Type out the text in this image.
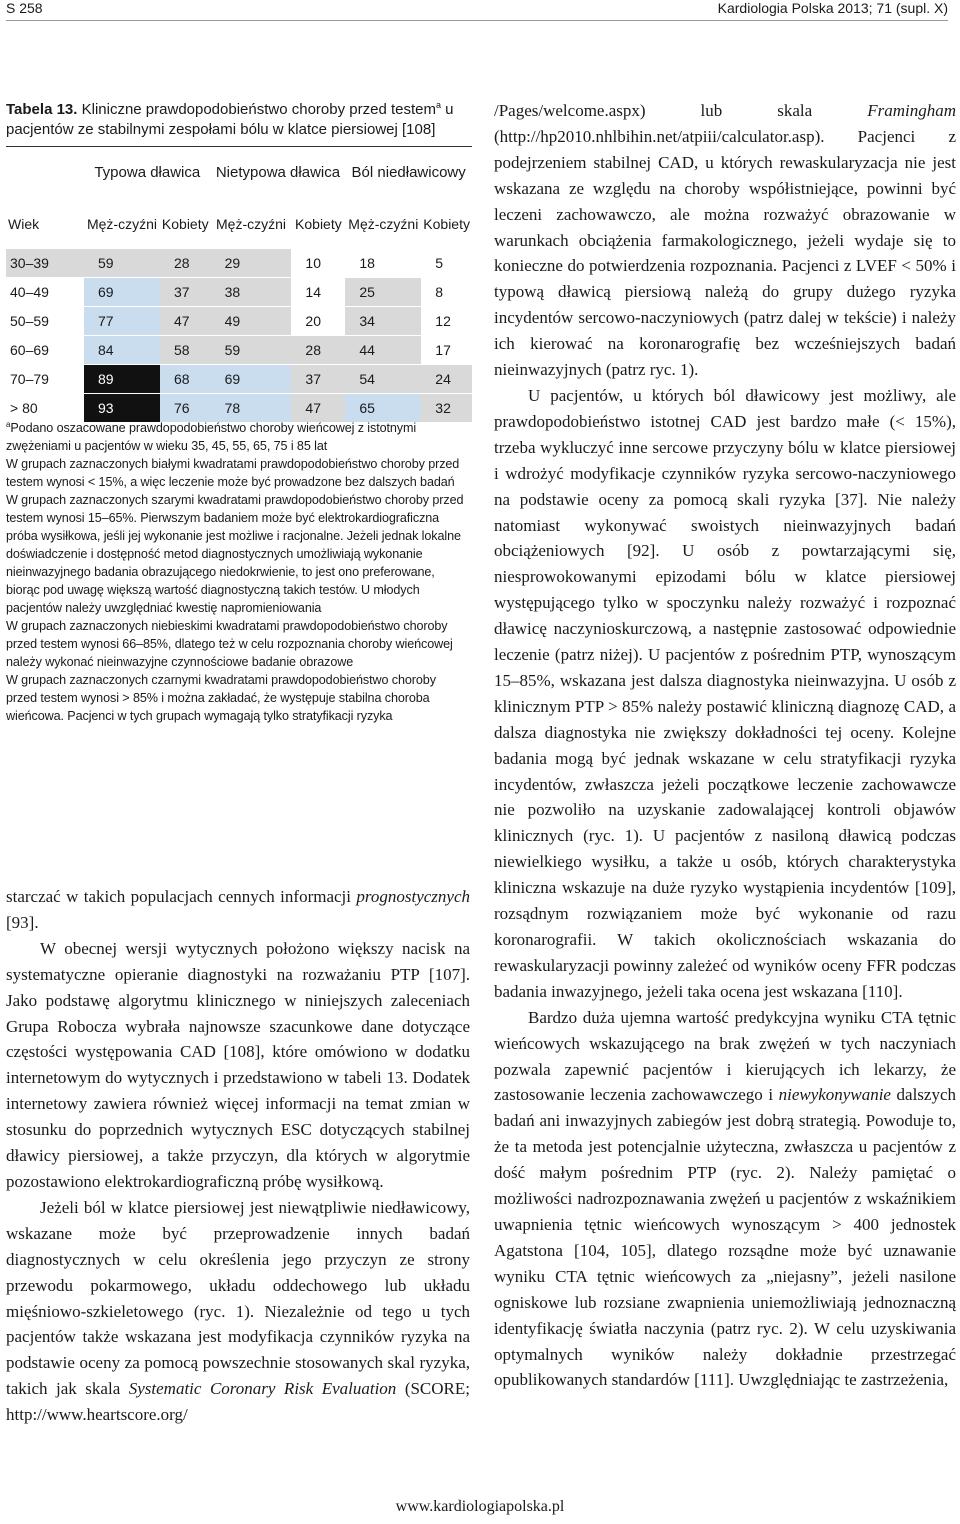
S 258	Kardiologia Polska 2013; 71 (supl. X)
Tabela 13. Kliniczne prawdopodobieństwo choroby przed testem$^a$ u pacjentów ze stabilnymi zespołami bólu w klatce piersiowej [108]
	Typowa dławica		Nietypowa dławica		Ból niedławicowy	
Wiek	Męż-czyźni	Kobiety	Męż-czyźni	Kobiety	Męż-czyźni	Kobiety
30–39	59	28	29	10	18	5
40–49	69	37	38	14	25	8
50–59	77	47	49	20	34	12
60–69	84	58	59	28	44	17
70–79	89	68	69	37	54	24
> 80	93	76	78	47	65	32

$^a$Podano oszacowane prawdopodobieństwo choroby wieńcowej z istotnymi zwężeniami u pacjentów w wieku 35, 45, 55, 65, 75 i 85 lat

W grupach zaznaczonych białymi kwadratami prawdopodobieństwo choroby przed testem wynosi < 15%, a więc leczenie może być prowadzone bez dalszych badań

W grupach zaznaczonych szarymi kwadratami prawdopodobieństwo choroby przed testem wynosi 15–65%. Pierwszym badaniem może być elektrokardiograficzna próba wysiłkowa, jeśli jej wykonanie jest możliwe i racjonalne. Jeżeli jednak lokalne doświadczenie i dostępność metod diagnostycznych umożliwiają wykonanie nieinwazyjnego badania obrazującego niedokrwienie, to jest ono preferowane, biorąc pod uwagę większą wartość diagnostyczną takich testów. U młodych pacjentów należy uwzględniać kwestię napromieniowania

W grupach zaznaczonych niebieskimi kwadratami prawdopodobieństwo choroby przed testem wynosi 66–85%, dlatego też w celu rozpoznania choroby wieńcowej należy wykonać nieinwazyjne czynnościowe badanie obrazowe

W grupach zaznaczonych czarnymi kwadratami prawdopodobieństwo choroby przed testem wynosi > 85% i można zakładać, że występuje stabilna choroba wieńcowa. Pacjenci w tych grupach wymagają tylko stratyfikacji ryzyka

starczać w takich populacjach cennych informacji prognostycznych [93].

W obecnej wersji wytycznych położono większy nacisk na systematyczne opieranie diagnostyki na rozważaniu PTP [107]. Jako podstawę algorytmu klinicznego w niniejszych zaleceniach Grupa Robocza wybrała najnowsze szacunkowe dane dotyczące częstości występowania CAD [108], które omówiono w dodatku internetowym do wytycznych i przedstawiono w tabeli 13. Dodatek internetowy zawiera również więcej informacji na temat zmian w stosunku do poprzednich wytycznych ESC dotyczących stabilnej dławicy piersiowej, a także przyczyn, dla których w algorytmie pozostawiono elektrokardiograficzną próbę wysiłkową.

Jeżeli ból w klatce piersiowej jest niewątpliwie niedławicowy, wskazane może być przeprowadzenie innych badań diagnostycznych w celu określenia jego przyczyn ze strony przewodu pokarmowego, układu oddechowego lub układu mięśniowo-szkieletowego (ryc. 1). Niezależnie od tego u tych pacjentów także wskazana jest modyfikacja czynników ryzyka na podstawie oceny za pomocą powszechnie stosowanych skal ryzyka, takich jak skala Systematic Coronary Risk Evaluation (SCORE; http://www.heartscore.org/

/Pages/welcome.aspx) lub skala Framingham (http://hp2010.nhlbihin.net/atpiii/calculator.asp). Pacjenci z podejrzeniem stabilnej CAD, u których rewaskularyzacja nie jest wskazana ze względu na choroby współistniejące, powinni być leczeni zachowawczo, ale można rozważyć obrazowanie w warunkach obciążenia farmakologicznego, jeżeli wydaje się to konieczne do potwierdzenia rozpoznania. Pacjenci z LVEF < 50% i typową dławicą piersiową należą do grupy dużego ryzyka incydentów sercowo-naczyniowych (patrz dalej w tekście) i należy ich kierować na koronarografię bez wcześniejszych badań nieinwazyjnych (patrz ryc. 1).

U pacjentów, u których ból dławicowy jest możliwy, ale prawdopodobieństwo istotnej CAD jest bardzo małe (< 15%), trzeba wykluczyć inne sercowe przyczyny bólu w klatce piersiowej i wdrożyć modyfikacje czynników ryzyka sercowo-naczyniowego na podstawie oceny za pomocą skali ryzyka [37]. Nie należy natomiast wykonywać swoistych nieinwazyjnych badań obciążeniowych [92]. U osób z powtarzającymi się, niesprowokowanymi epizodami bólu w klatce piersiowej występującego tylko w spoczynku należy rozważyć i rozpoznać dławicę naczynioskurczową, a następnie zastosować odpowiednie leczenie (patrz niżej). U pacjentów z pośrednim PTP, wynoszącym 15–85%, wskazana jest dalsza diagnostyka nieinwazyjna. U osób z klinicznym PTP > 85% należy postawić kliniczną diagnozę CAD, a dalsza diagnostyka nie zwiększy dokładności tej oceny. Kolejne badania mogą być jednak wskazane w celu stratyfikacji ryzyka incydentów, zwłaszcza jeżeli początkowe leczenie zachowawcze nie pozwoliło na uzyskanie zadowalającej kontroli objawów klinicznych (ryc. 1). U pacjentów z nasiloną dławicą podczas niewielkiego wysiłku, a także u osób, których charakterystyka kliniczna wskazuje na duże ryzyko wystąpienia incydentów [109], rozsądnym rozwiązaniem może być wykonanie od razu koronarografii. W takich okolicznościach wskazania do rewaskularyzacji powinny zależeć od wyników oceny FFR podczas badania inwazyjnego, jeżeli taka ocena jest wskazana [110].

Bardzo duża ujemna wartość predykcyjna wyniku CTA tętnic wieńcowych wskazującego na brak zwężeń w tych naczyniach pozwala zapewnić pacjentów i kierujących ich lekarzy, że zastosowanie leczenia zachowawczego i niewykonywanie dalszych badań ani inwazyjnych zabiegów jest dobrą strategią. Powoduje to, że ta metoda jest potencjalnie użyteczna, zwłaszcza u pacjentów z dość małym pośrednim PTP (ryc. 2). Należy pamiętać o możliwości nadrozpoznawania zwężeń u pacjentów z wskaźnikiem uwapnienia tętnic wieńcowych wynoszącym > 400 jednostek Agatstona [104, 105], dlatego rozsądne może być uznawanie wyniku CTA tętnic wieńcowych za „niejasny”, jeżeli nasilone ogniskowe lub rozsiane zwapnienia uniemożliwiają jednoznaczną identyfikację światła naczynia (patrz ryc. 2). W celu uzyskiwania optymalnych wyników należy dokładnie przestrzegać opublikowanych standardów [111]. Uwzględniając te zastrzeżenia,

www.kardiologiapolska.pl
